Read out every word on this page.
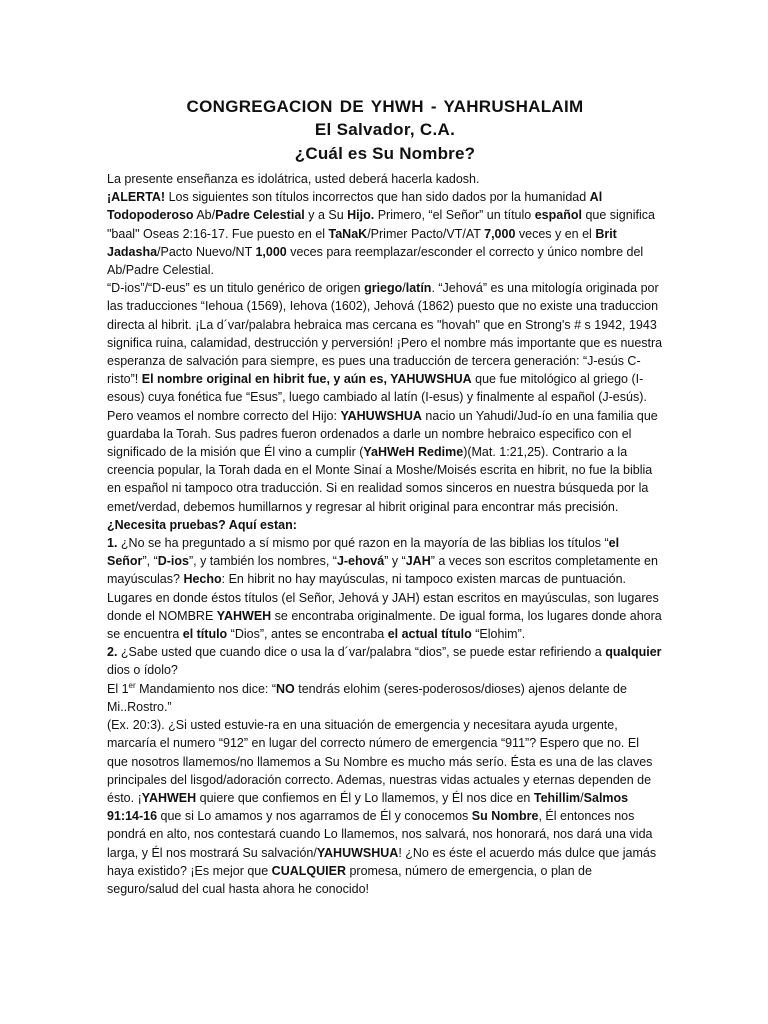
CONGREGACION DE YHWH - YAHRUSHALAIM
El Salvador, C.A.
¿Cuál es Su Nombre?

La presente enseñanza es idolátrica, usted deberá hacerla kadosh.

¡ALERTA! Los siguientes son títulos incorrectos que han sido dados por la humanidad Al Todopoderoso Ab/Padre Celestial y a Su Hijo. Primero, “el Señor” un título español que significa "baal" Oseas 2:16-17. Fue puesto en el TaNaK/Primer Pacto/VT/AT 7,000 veces y en el Brit Jadasha/Pacto Nuevo/NT 1,000 veces para reemplazar/esconder el correcto y único nombre del Ab/Padre Celestial.

“D-ios”/“D-eus” es un titulo genérico de origen griego/latín. “Jehová” es una mitología originada por las traducciones “Iehoua (1569), Iehova (1602), Jehová (1862) puesto que no existe una traduccion directa al hibrit. ¡La d´var/palabra hebraica mas cercana es "hovah" que en Strong's # s 1942, 1943 significa ruina, calamidad, destrucción y perversión! ¡Pero el nombre más importante que es nuestra esperanza de salvación para siempre, es pues una traducción de tercera generación: “J-esús C-risto”! El nombre original en hibrit fue, y aún es, YAHUWSHUA que fue mitológico al griego (I-esous) cuya fonética fue “Esus”, luego cambiado al latín (I-esus) y finalmente al español (J-esús). Pero veamos el nombre correcto del Hijo: YAHUWSHUA nacio un Yahudi/Jud-ío en una familia que guardaba la Torah. Sus padres fueron ordenados a darle un nombre hebraico especifico con el significado de la misión que Él vino a cumplir (YaHWeH Redime)(Mat. 1:21,25). Contrario a la creencia popular, la Torah dada en el Monte Sinaí a Moshe/Moisés escrita en hibrit, no fue la biblia en español ni tampoco otra traducción. Si en realidad somos sinceros en nuestra búsqueda por la emet/verdad, debemos humillarnos y regresar al hibrit original para encontrar más precisión.

¿Necesita pruebas? Aquí estan:

1. ¿No se ha preguntado a sí mismo por qué razon en la mayoría de las biblias los títulos “el Señor”, “D-ios”, y también los nombres, “J-ehová” y “JAH” a veces son escritos completamente en mayúsculas? Hecho: En hibrit no hay mayúsculas, ni tampoco existen marcas de puntuación. Lugares en donde éstos títulos (el Señor, Jehová y JAH) estan escritos en mayúsculas, son lugares donde el NOMBRE YAHWEH se encontraba originalmente. De igual forma, los lugares donde ahora se encuentra el título “Dios”, antes se encontraba el actual título “Elohim”.

2. ¿Sabe usted que cuando dice o usa la d´var/palabra “dios”, se puede estar refiriendo a qualquier dios o ídolo?

El 1er Mandamiento nos dice: “NO tendrás elohim (seres-poderosos/dioses) ajenos delante de Mi..Rostro.”

(Ex. 20:3). ¿Si usted estuvie-ra en una situación de emergencia y necesitara ayuda urgente, marcaría el numero “912” en lugar del correcto número de emergencia “911”? Espero que no. El que nosotros llamemos/no llamemos a Su Nombre es mucho más serío. Ésta es una de las claves principales del lisgod/adoración correcto. Ademas, nuestras vidas actuales y eternas dependen de ésto. ¡YAHWEH quiere que confiemos en Él y Lo llamemos, y Él nos dice en Tehillim/Salmos 91:14-16 que si Lo amamos y nos agarramos de Él y conocemos Su Nombre, Él entonces nos pondrá en alto, nos contestará cuando Lo llamemos, nos salvará, nos honorará, nos dará una vida larga, y Él nos mostrará Su salvación/YAHUWSHUA! ¿No es éste el acuerdo más dulce que jamás haya existido? ¡Es mejor que CUALQUIER promesa, número de emergencia, o plan de seguro/salud del cual hasta ahora he conocido!
